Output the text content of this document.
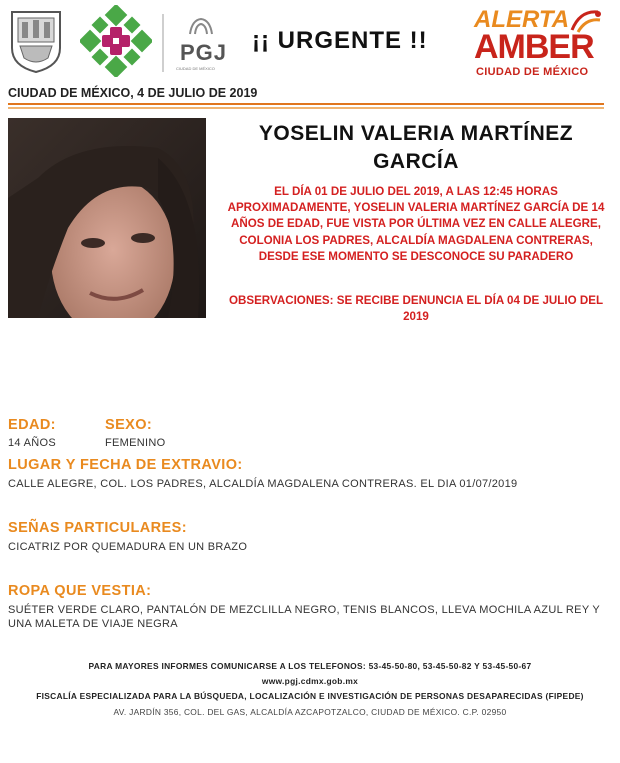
PGJ
CIUDAD DE MÉXICO
¡¡ URGENTE !!
ALERTA
AMBER
CIUDAD DE MÉXICO
CIUDAD DE MÉXICO, 4 DE JULIO DE 2019
YOSELIN VALERIA MARTÍNEZ
GARCÍA
EL DÍA 01 DE JULIO DEL 2019, A LAS 12:45 HORAS APROXIMADAMENTE, YOSELIN VALERIA MARTÍNEZ GARCÍA DE 14 AÑOS DE EDAD, FUE VISTA POR ÚLTIMA VEZ EN CALLE ALEGRE, COLONIA LOS PADRES, ALCALDÍA MAGDALENA CONTRERAS, DESDE ESE MOMENTO SE DESCONOCE SU PARADERO
OBSERVACIONES: SE RECIBE DENUNCIA EL DÍA 04 DE JULIO DEL 2019
EDAD:	SEXO:
14 AÑOS	FEMENINO
LUGAR Y FECHA DE EXTRAVIO:
CALLE ALEGRE, COL. LOS PADRES, ALCALDÍA MAGDALENA CONTRERAS. EL DIA 01/07/2019
SEÑAS PARTICULARES:
CICATRIZ POR QUEMADURA EN UN BRAZO
ROPA QUE VESTIA:
SUÉTER VERDE CLARO, PANTALÓN DE MEZCLILLA NEGRO, TENIS BLANCOS, LLEVA MOCHILA AZUL REY Y UNA MALETA DE VIAJE NEGRA
PARA MAYORES INFORMES COMUNICARSE A LOS TELEFONOS: 53-45-50-80, 53-45-50-82 Y 53-45-50-67
www.pgj.cdmx.gob.mx
FISCALÍA ESPECIALIZADA PARA LA BÚSQUEDA, LOCALIZACIÓN E INVESTIGACIÓN DE PERSONAS DESAPARECIDAS (FIPEDE)
AV. JARDÍN 356, COL. DEL GAS, ALCALDÍA AZCAPOTZALCO, CIUDAD DE MÉXICO. C.P. 02950
